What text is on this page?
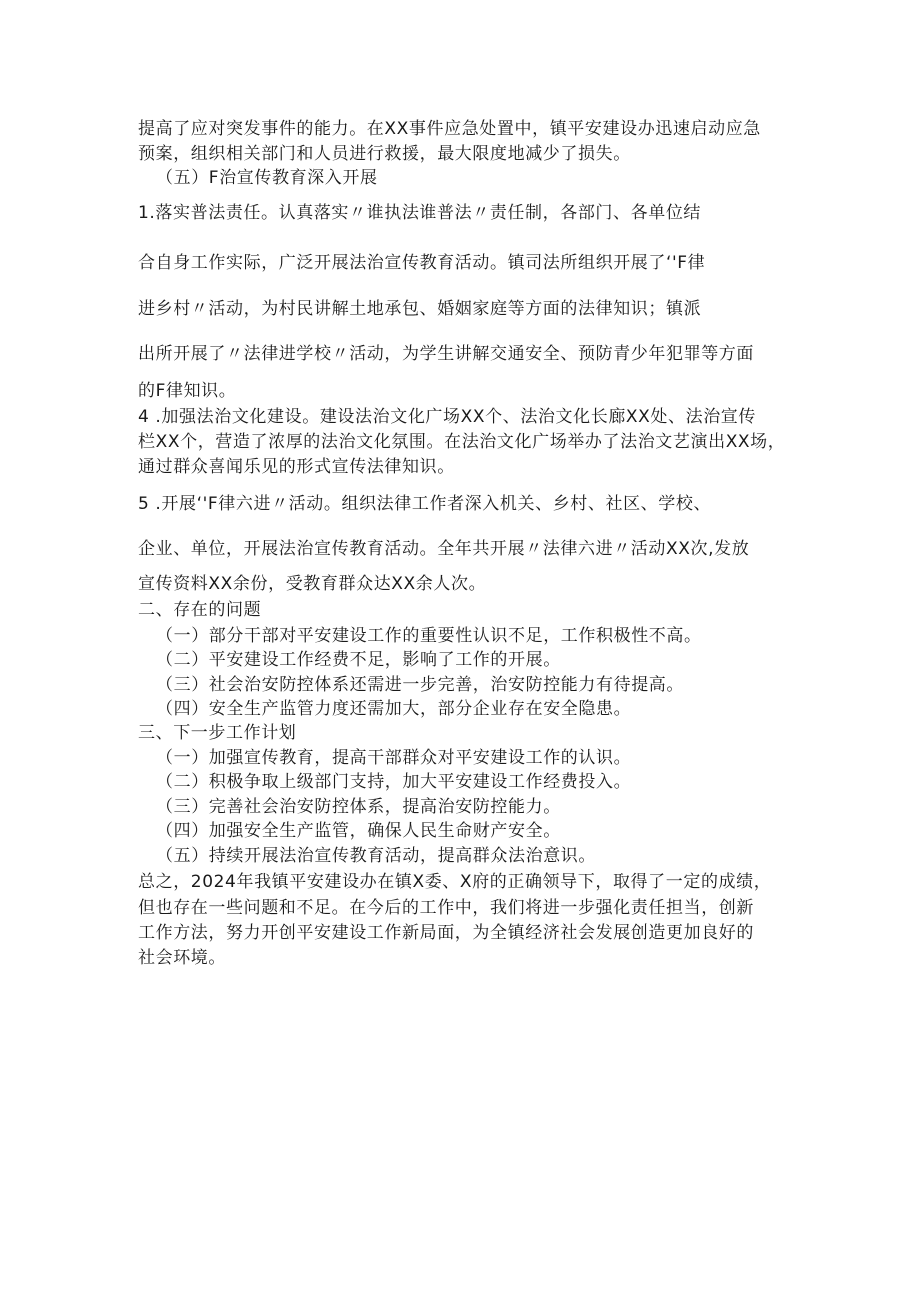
提高了应对突发事件的能力。在XX事件应急处置中，镇平安建设办迅速启动应急

预案，组织相关部门和人员进行救援，最大限度地减少了损失。

（五）F治宣传教育深入开展

1.落实普法责任。认真落实〃谁执法谁普法〃责任制，各部门、各单位结

合自身工作实际，广泛开展法治宣传教育活动。镇司法所组织开展了‘'F律

进乡村〃活动，为村民讲解土地承包、婚姻家庭等方面的法律知识；镇派

出所开展了〃法律进学校〃活动，为学生讲解交通安全、预防青少年犯罪等方面

的F律知识。

4 .加强法治文化建设。建设法治文化广场XX个、法治文化长廊XX处、法治宣传

栏XX个，营造了浓厚的法治文化氛围。在法治文化广场举办了法治文艺演出XX场，

通过群众喜闻乐见的形式宣传法律知识。

5 .开展‘'F律六进〃活动。组织法律工作者深入机关、乡村、社区、学校、

企业、单位，开展法治宣传教育活动。全年共开展〃法律六进〃活动XX次,发放

宣传资料XX余份，受教育群众达XX余人次。

二、存在的问题

（一）部分干部对平安建设工作的重要性认识不足，工作积极性不高。

（二）平安建设工作经费不足，影响了工作的开展。

（三）社会治安防控体系还需进一步完善，治安防控能力有待提高。

（四）安全生产监管力度还需加大，部分企业存在安全隐患。

三、下一步工作计划

（一）加强宣传教育，提高干部群众对平安建设工作的认识。

（二）积极争取上级部门支持，加大平安建设工作经费投入。

（三）完善社会治安防控体系，提高治安防控能力。

（四）加强安全生产监管，确保人民生命财产安全。

（五）持续开展法治宣传教育活动，提高群众法治意识。

总之，2024年我镇平安建设办在镇X委、X府的正确领导下，取得了一定的成绩，

但也存在一些问题和不足。在今后的工作中，我们将进一步强化责任担当，创新

工作方法，努力开创平安建设工作新局面，为全镇经济社会发展创造更加良好的

社会环境。
